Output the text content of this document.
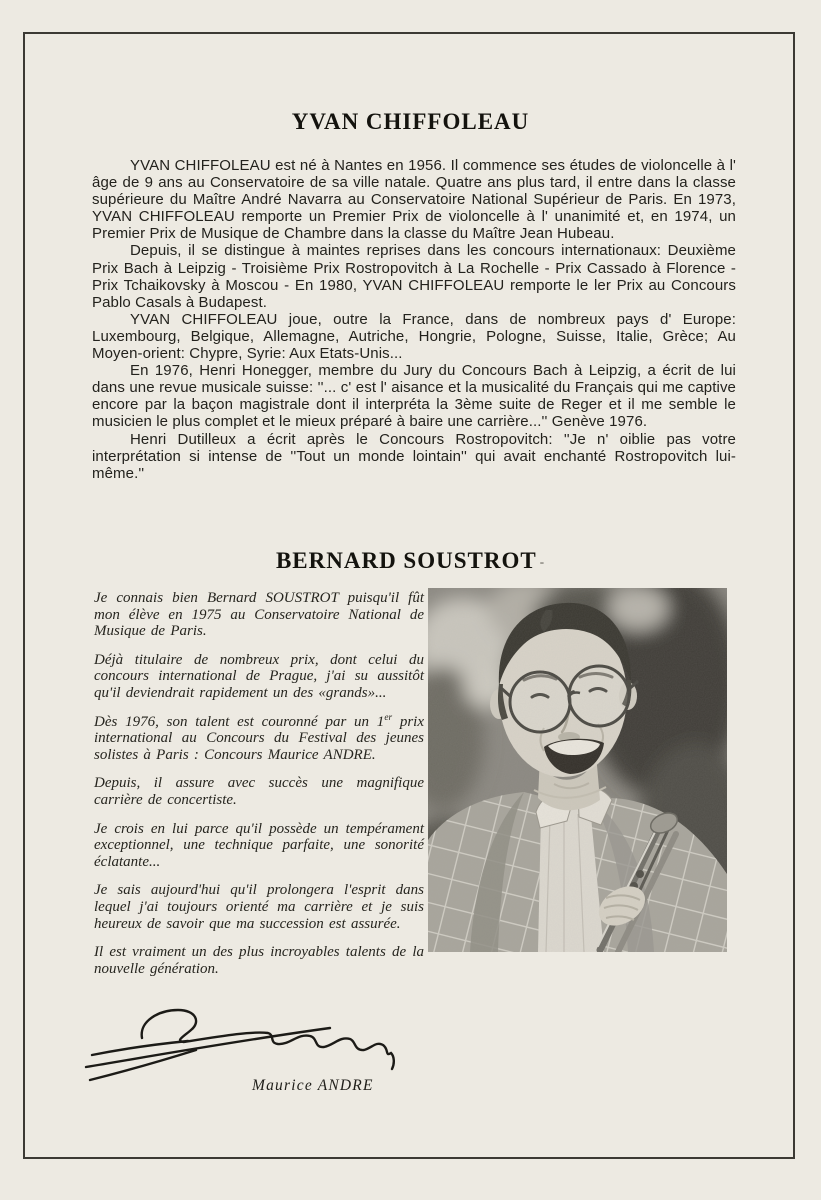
YVAN CHIFFOLEAU

YVAN CHIFFOLEAU est né à Nantes en 1956. Il commence ses études de violoncelle à l' âge de 9 ans au Conservatoire de sa ville natale. Quatre ans plus tard, il entre dans la classe supérieure du Maître André Navarra au Conservatoire National Supérieur de Paris. En 1973, YVAN CHIFFOLEAU remporte un Premier Prix de violoncelle à l' unanimité et, en 1974, un Premier Prix de Musique de Chambre dans la classe du Maître Jean Hubeau.

Depuis, il se distingue à maintes reprises dans les concours internationaux: Deuxième Prix Bach à Leipzig - Troisième Prix Rostropovitch à La Rochelle - Prix Cassado à Florence - Prix Tchaikovsky à Moscou - En 1980, YVAN CHIFFOLEAU remporte le ler Prix au Concours Pablo Casals à Budapest.

YVAN CHIFFOLEAU joue, outre la France, dans de nombreux pays d' Europe: Luxembourg, Belgique, Allemagne, Autriche, Hongrie, Pologne, Suisse, Italie, Grèce; Au Moyen-orient: Chypre, Syrie: Aux Etats-Unis...

En 1976, Henri Honegger, membre du Jury du Concours Bach à Leipzig, a écrit de lui dans une revue musicale suisse: ''... c' est l' aisance et la musicalité du Français qui me captive encore par la baçon magistrale dont il interpréta la 3ème suite de Reger et il me semble le musicien le plus complet et le mieux préparé à baire une carrière...'' Genève 1976.

Henri Dutilleux a écrit après le Concours Rostropovitch: ''Je n' oiblie pas votre interprétation si intense de ''Tout un monde lointain'' qui avait enchanté Rostropovitch lui-même.''

BERNARD SOUSTROT -

Je connais bien Bernard SOUSTROT puisqu'il fût mon élève en 1975 au Conservatoire National de Musique de Paris.

Déjà titulaire de nombreux prix, dont celui du concours international de Prague, j'ai su aussitôt qu'il deviendrait rapidement un des «grands»...

Dès 1976, son talent est couronné par un 1er prix international au Concours du Festival des jeunes solistes à Paris : Concours Maurice ANDRE.

Depuis, il assure avec succès une magnifique carrière de concertiste.

Je crois en lui parce qu'il possède un tempérament exceptionnel, une technique parfaite, une sonorité éclatante...

Je sais aujourd'hui qu'il prolongera l'esprit dans lequel j'ai toujours orienté ma carrière et je suis heureux de savoir que ma succession est assurée.

Il est vraiment un des plus incroyables talents de la nouvelle génération.

Maurice ANDRE
